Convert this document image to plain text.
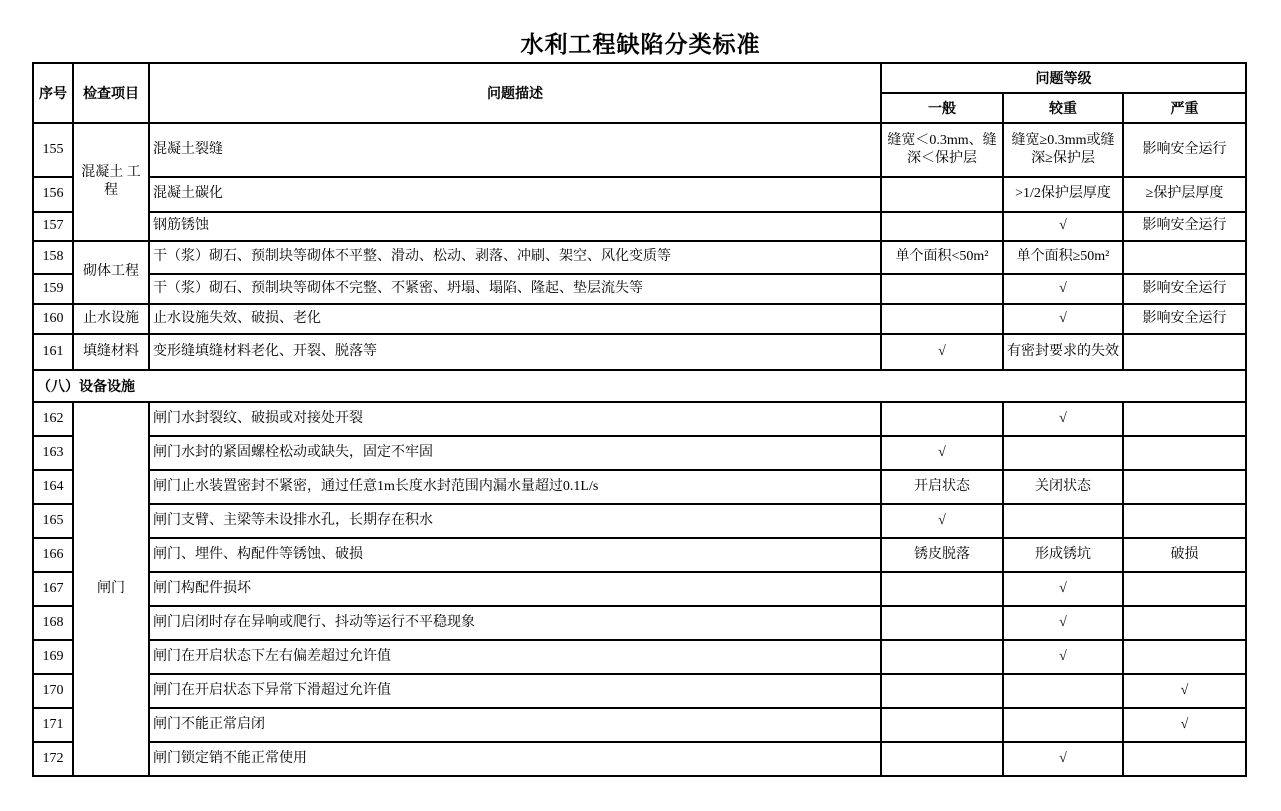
水利工程缺陷分类标准
序号	检查项目	问题描述	问题等级		
			一般	较重	严重

155	混凝土 工程	混凝土裂缝	缝宽＜0.3mm、缝深＜保护层	缝宽≥0.3mm或缝深≥保护层	影响安全运行

156		混凝土碳化		>1/2保护层厚度	≥保护层厚度

157		钢筋锈蚀		√	影响安全运行

158	砌体工程	干（浆）砌石、预制块等砌体不平整、滑动、松动、剥落、冲刷、架空、风化变质等	单个面积<50m²	单个面积≥50m²	

159		干（浆）砌石、预制块等砌体不完整、不紧密、坍塌、塌陷、隆起、垫层流失等		√	影响安全运行

160	止水设施	止水设施失效、破损、老化		√	影响安全运行

161	填缝材料	变形缝填缝材料老化、开裂、脱落等	√	有密封要求的失效	

（八）设备设施					

162	闸门	闸门水封裂纹、破损或对接处开裂		√	

163		闸门水封的紧固螺栓松动或缺失，固定不牢固	√		

164		闸门止水装置密封不紧密，通过任意1m长度水封范围内漏水量超过0.1L/s	开启状态	关闭状态	

165		闸门支臂、主梁等未设排水孔，长期存在积水	√		

166		闸门、埋件、构配件等锈蚀、破损	锈皮脱落	形成锈坑	破损

167		闸门构配件损坏		√	

168		闸门启闭时存在异响或爬行、抖动等运行不平稳现象		√	

169		闸门在开启状态下左右偏差超过允许值		√	

170		闸门在开启状态下异常下滑超过允许值			√

171		闸门不能正常启闭			√

172		闸门锁定销不能正常使用		√	
